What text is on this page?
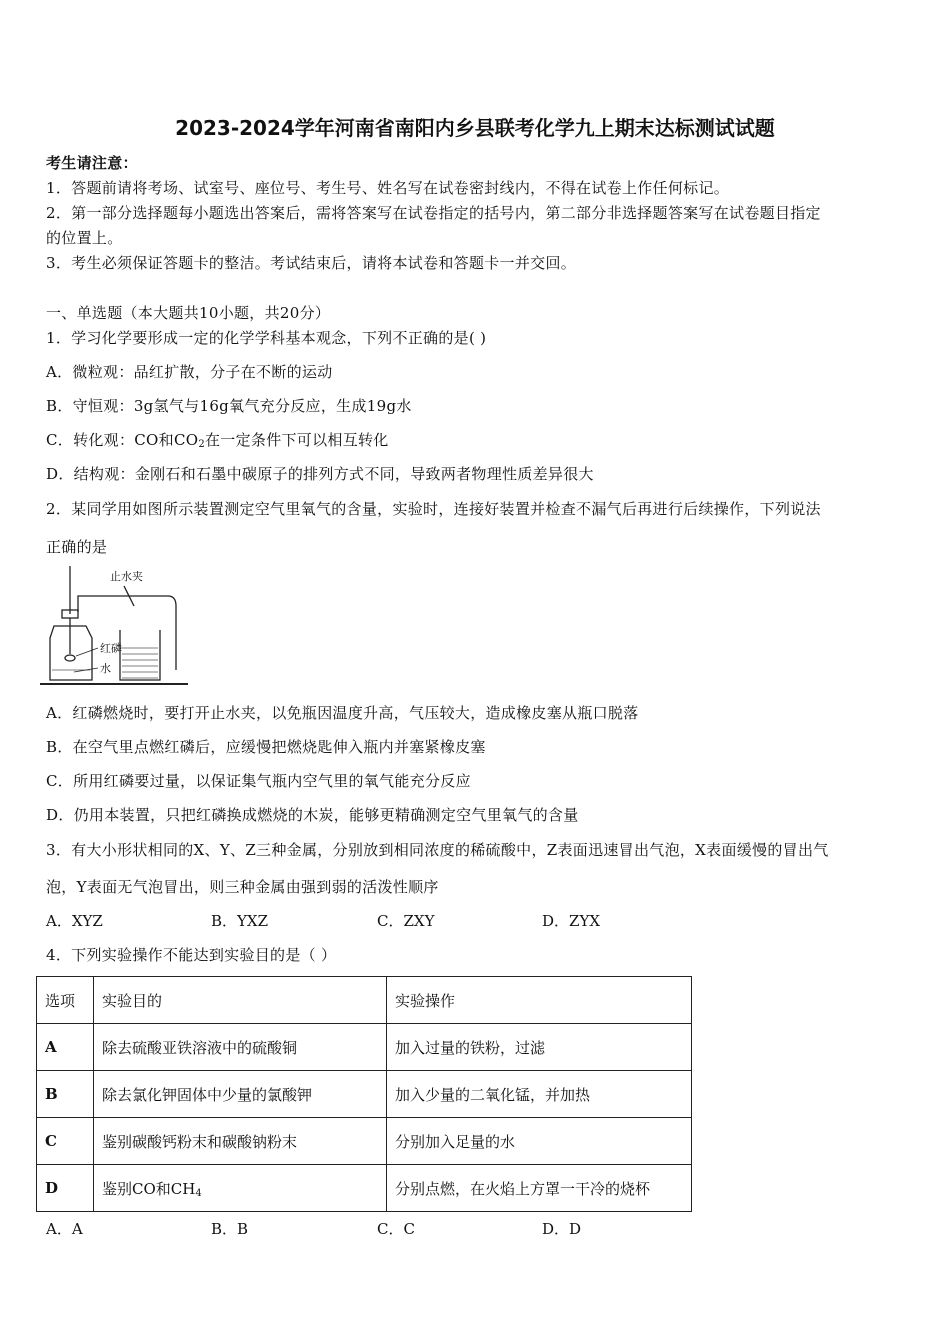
2023-2024学年河南省南阳内乡县联考化学九上期末达标测试试题
考生请注意：
1．答题前请将考场、试室号、座位号、考生号、姓名写在试卷密封线内，不得在试卷上作任何标记。
2．第一部分选择题每小题选出答案后，需将答案写在试卷指定的括号内，第二部分非选择题答案写在试卷题目指定
的位置上。
3．考生必须保证答题卡的整洁。考试结束后，请将本试卷和答题卡一并交回。
一、单选题（本大题共10小题，共20分）
1．学习化学要形成一定的化学学科基本观念，下列不正确的是( )
A．微粒观：品红扩散，分子在不断的运动
B．守恒观：3g氢气与16g氧气充分反应，生成19g水
C．转化观：CO和$CO_2$在一定条件下可以相互转化
D．结构观：金刚石和石墨中碳原子的排列方式不同，导致两者物理性质差异很大
2．某同学用如图所示装置测定空气里氧气的含量，实验时，连接好装置并检查不漏气后再进行后续操作，下列说法
正确的是
止水夹
红磷
水
A．红磷燃烧时，要打开止水夹，以免瓶因温度升高，气压较大，造成橡皮塞从瓶口脱落
B．在空气里点燃红磷后，应缓慢把燃烧匙伸入瓶内并塞紧橡皮塞
C．所用红磷要过量，以保证集气瓶内空气里的氧气能充分反应
D．仍用本装置，只把红磷换成燃烧的木炭，能够更精确测定空气里氧气的含量
3．有大小形状相同的X、Y、Z三种金属，分别放到相同浓度的稀硫酸中，Z表面迅速冒出气泡，X表面缓慢的冒出气
泡，Y表面无气泡冒出，则三种金属由强到弱的活泼性顺序
A．XYZ	B．YXZ	C．ZXY	D．ZYX
4．下列实验操作不能达到实验目的是（ ）
选项	实验目的	实验操作
A	除去硫酸亚铁溶液中的硫酸铜	加入过量的铁粉，过滤
B	除去氯化钾固体中少量的氯酸钾	加入少量的二氧化锰，并加热
C	鉴别碳酸钙粉末和碳酸钠粉末	分别加入足量的水
D	鉴别CO和$CH_4$	分别点燃，在火焰上方罩一干冷的烧杯
A．A	B．B	C．C	D．D
